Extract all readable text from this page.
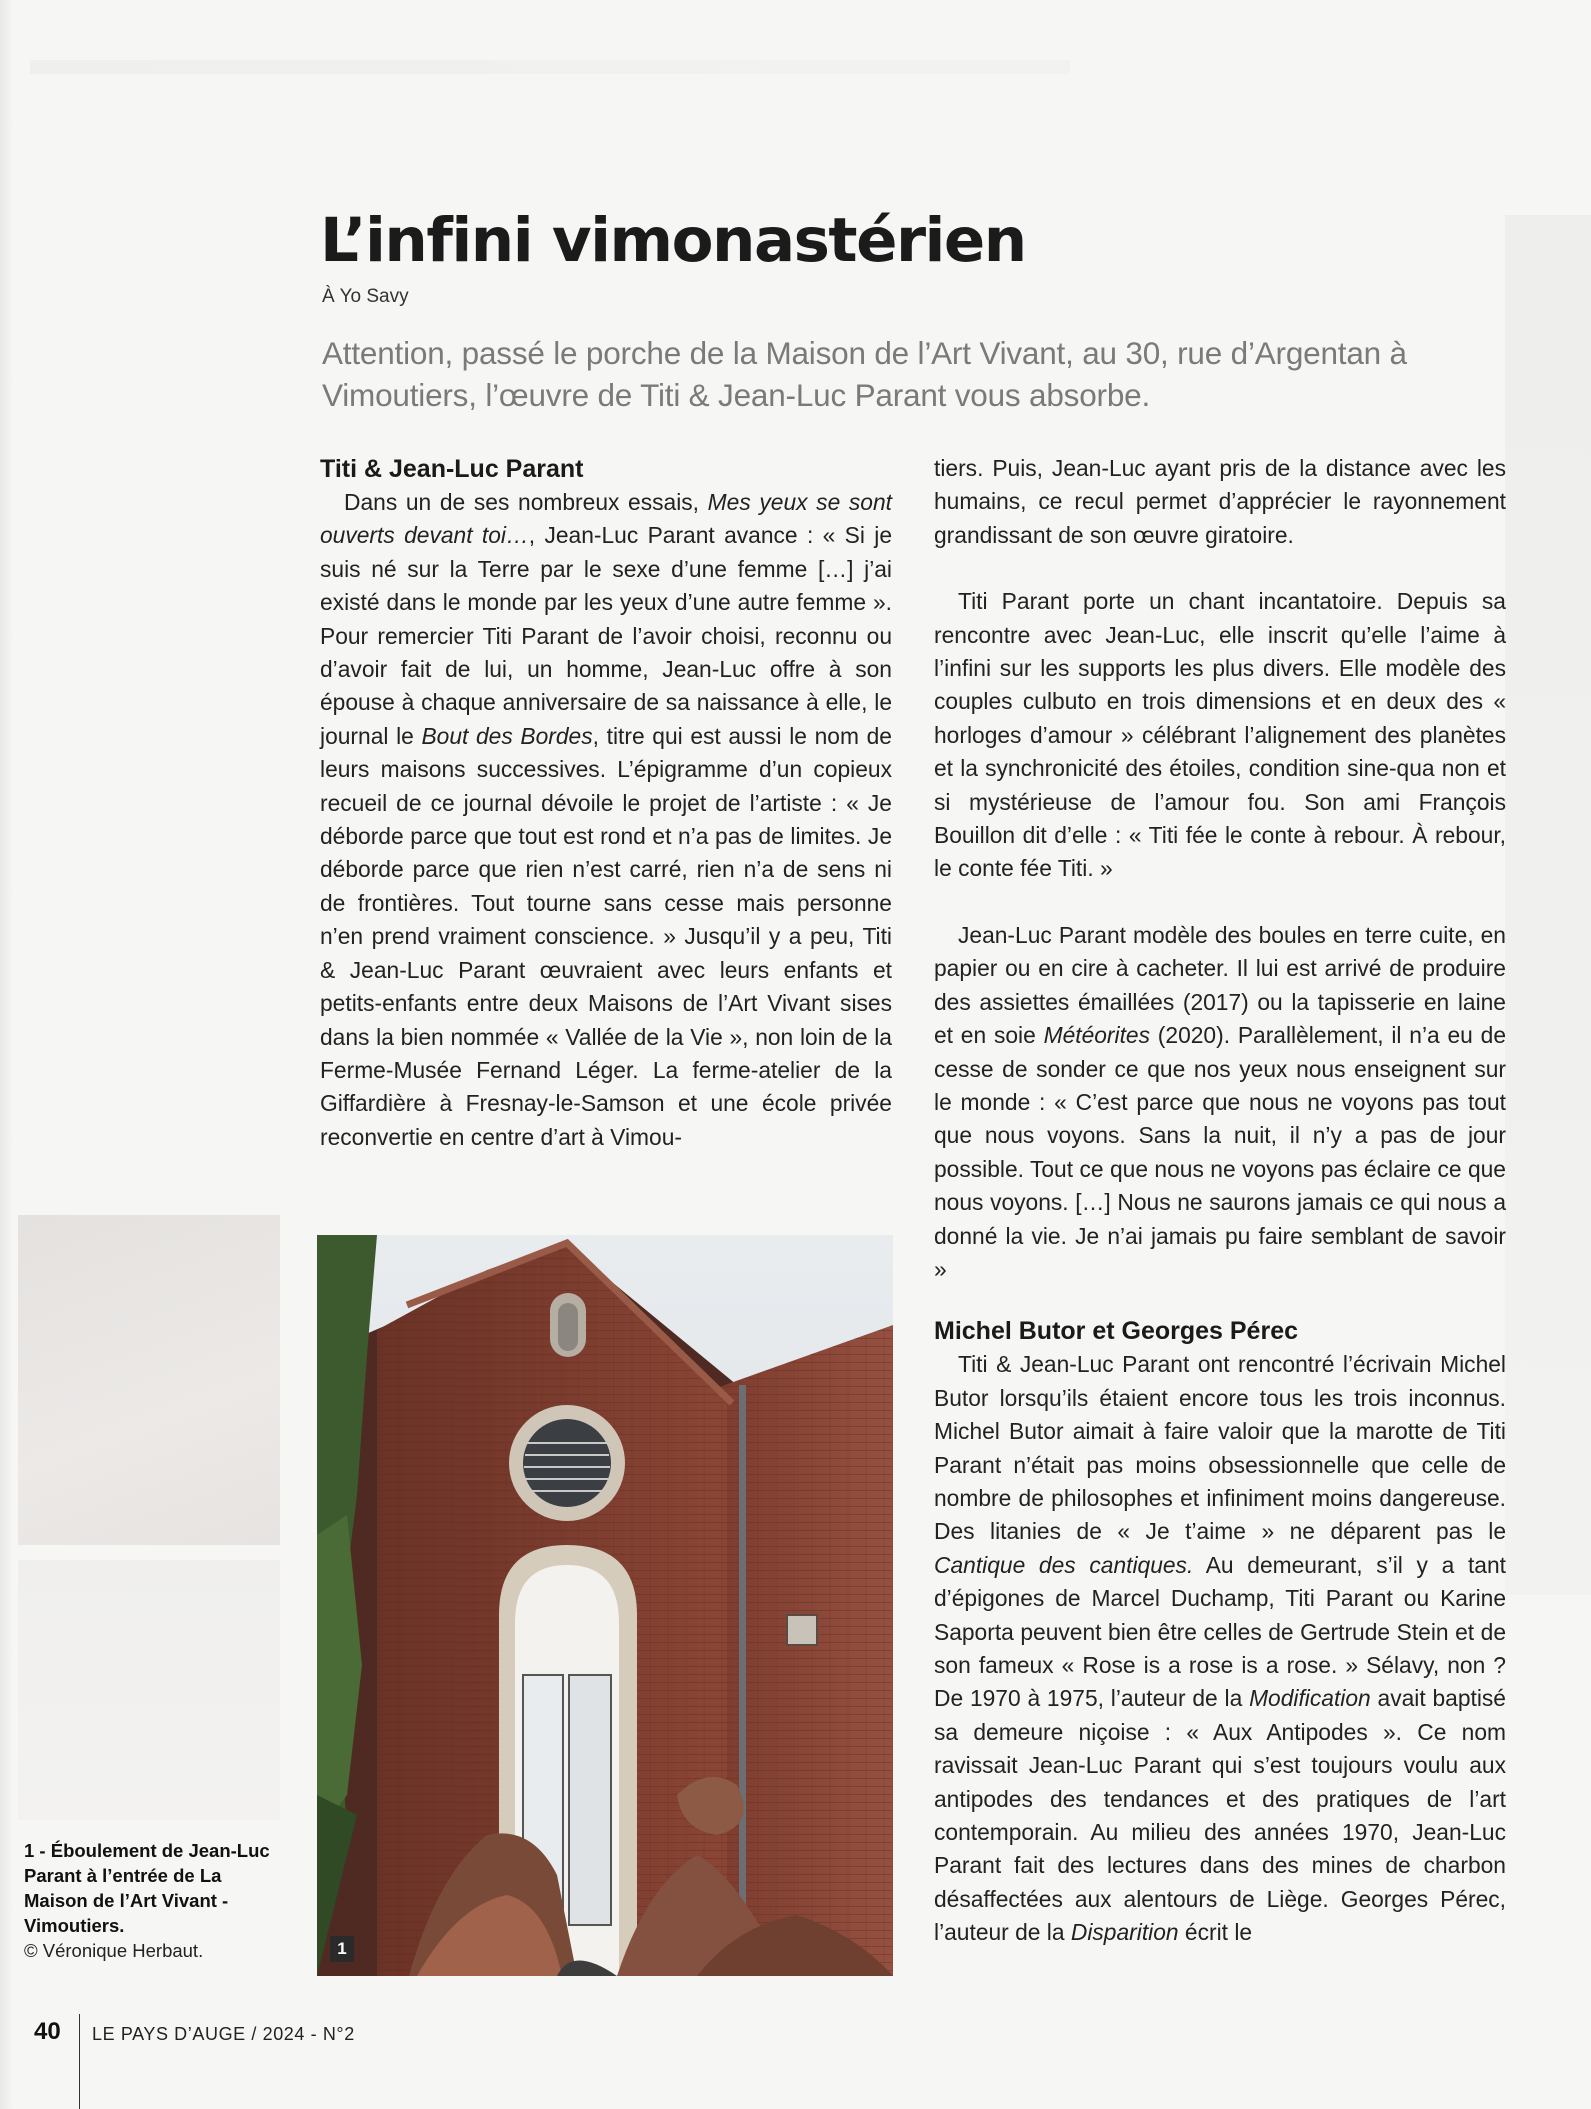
L’infini vimonastérien
À Yo Savy

Attention, passé le porche de la Maison de l’Art Vivant, au 30, rue d’Argentan à Vimoutiers, l’œuvre de Titi & Jean-Luc Parant vous absorbe.

Titi & Jean-Luc Parant

Dans un de ses nombreux essais, Mes yeux se sont ouverts devant toi…, Jean-Luc Parant avance : « Si je suis né sur la Terre par le sexe d’une femme […] j’ai existé dans le monde par les yeux d’une autre femme ». Pour remercier Titi Parant de l’avoir choisi, reconnu ou d’avoir fait de lui, un homme, Jean-Luc offre à son épouse à chaque anniversaire de sa naissance à elle, le journal le Bout des Bordes, titre qui est aussi le nom de leurs maisons successives. L’épigramme d’un copieux recueil de ce journal dévoile le projet de l’artiste : « Je déborde parce que tout est rond et n’a pas de limites. Je déborde parce que rien n’est carré, rien n’a de sens ni de frontières. Tout tourne sans cesse mais personne n’en prend vraiment conscience. » Jusqu’il y a peu, Titi & Jean-Luc Parant œuvraient avec leurs enfants et petits-enfants entre deux Maisons de l’Art Vivant sises dans la bien nommée « Vallée de la Vie », non loin de la Ferme-Musée Fernand Léger. La ferme-atelier de la Giffardière à Fresnay-le-Samson et une école privée reconvertie en centre d’art à Vimou-

tiers. Puis, Jean-Luc ayant pris de la distance avec les humains, ce recul permet d’apprécier le rayonnement grandissant de son œuvre giratoire.

Titi Parant porte un chant incantatoire. Depuis sa rencontre avec Jean-Luc, elle inscrit qu’elle l’aime à l’infini sur les supports les plus divers. Elle modèle des couples culbuto en trois dimensions et en deux des « horloges d’amour » célébrant l’alignement des planètes et la synchronicité des étoiles, condition sine-qua non et si mystérieuse de l’amour fou. Son ami François Bouillon dit d’elle : « Titi fée le conte à rebour. À rebour, le conte fée Titi. »

Jean-Luc Parant modèle des boules en terre cuite, en papier ou en cire à cacheter. Il lui est arrivé de produire des assiettes émaillées (2017) ou la tapisserie en laine et en soie Météorites (2020). Parallèlement, il n’a eu de cesse de sonder ce que nos yeux nous enseignent sur le monde : « C’est parce que nous ne voyons pas tout que nous voyons. Sans la nuit, il n’y a pas de jour possible. Tout ce que nous ne voyons pas éclaire ce que nous voyons. […] Nous ne saurons jamais ce qui nous a donné la vie. Je n’ai jamais pu faire semblant de savoir »

Michel Butor et Georges Pérec

Titi & Jean-Luc Parant ont rencontré l’écrivain Michel Butor lorsqu’ils étaient encore tous les trois inconnus. Michel Butor aimait à faire valoir que la marotte de Titi Parant n’était pas moins obsessionnelle que celle de nombre de philosophes et infiniment moins dangereuse. Des litanies de « Je t’aime » ne déparent pas le Cantique des cantiques. Au demeurant, s’il y a tant d’épigones de Marcel Duchamp, Titi Parant ou Karine Saporta peuvent bien être celles de Gertrude Stein et de son fameux « Rose is a rose is a rose. » Sélavy, non ? De 1970 à 1975, l’auteur de la Modification avait baptisé sa demeure niçoise : « Aux Antipodes ». Ce nom ravissait Jean-Luc Parant qui s’est toujours voulu aux antipodes des tendances et des pratiques de l’art contemporain. Au milieu des années 1970, Jean-Luc Parant fait des lectures dans des mines de charbon désaffectées aux alentours de Liège. Georges Pérec, l’auteur de la Disparition écrit le

1
1 - Éboulement de Jean-Luc
Parant à l’entrée de La
Maison de l’Art Vivant -
Vimoutiers.
© Véronique Herbaut.
40 LE PAYS D’AUGE / 2024 - N°2
